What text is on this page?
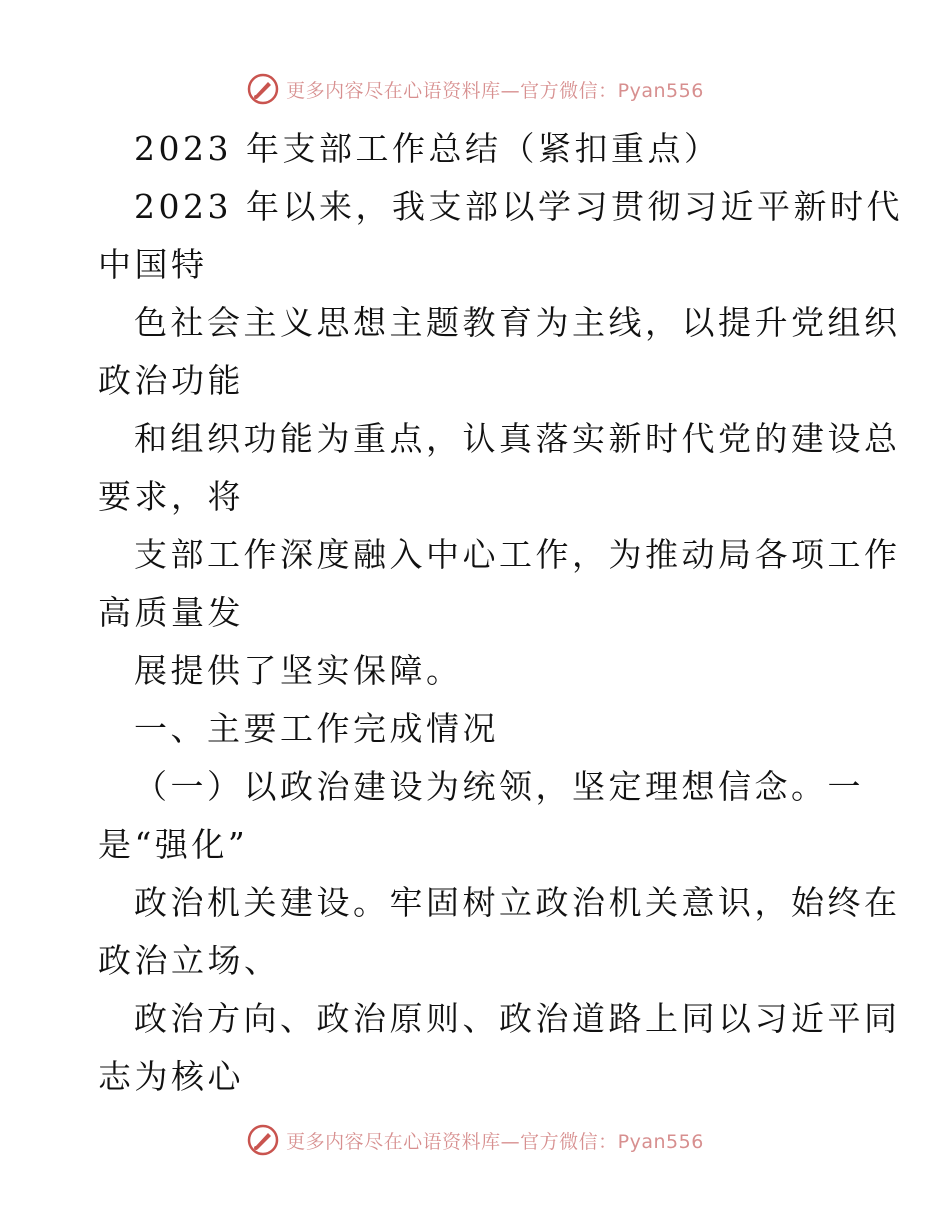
更多内容尽在心语资料库—官方微信：Pyan556
2023 年支部工作总结（紧扣重点）
2023 年以来，我支部以学习贯彻习近平新时代
中国特
色社会主义思想主题教育为主线，以提升党组织
政治功能
和组织功能为重点，认真落实新时代党的建设总
要求，将
支部工作深度融入中心工作，为推动局各项工作
高质量发
展提供了坚实保障。
一、主要工作完成情况
（一）以政治建设为统领，坚定理想信念。一
是“强化”
政治机关建设。牢固树立政治机关意识，始终在
政治立场、
政治方向、政治原则、政治道路上同以习近平同
志为核心
更多内容尽在心语资料库—官方微信：Pyan556
